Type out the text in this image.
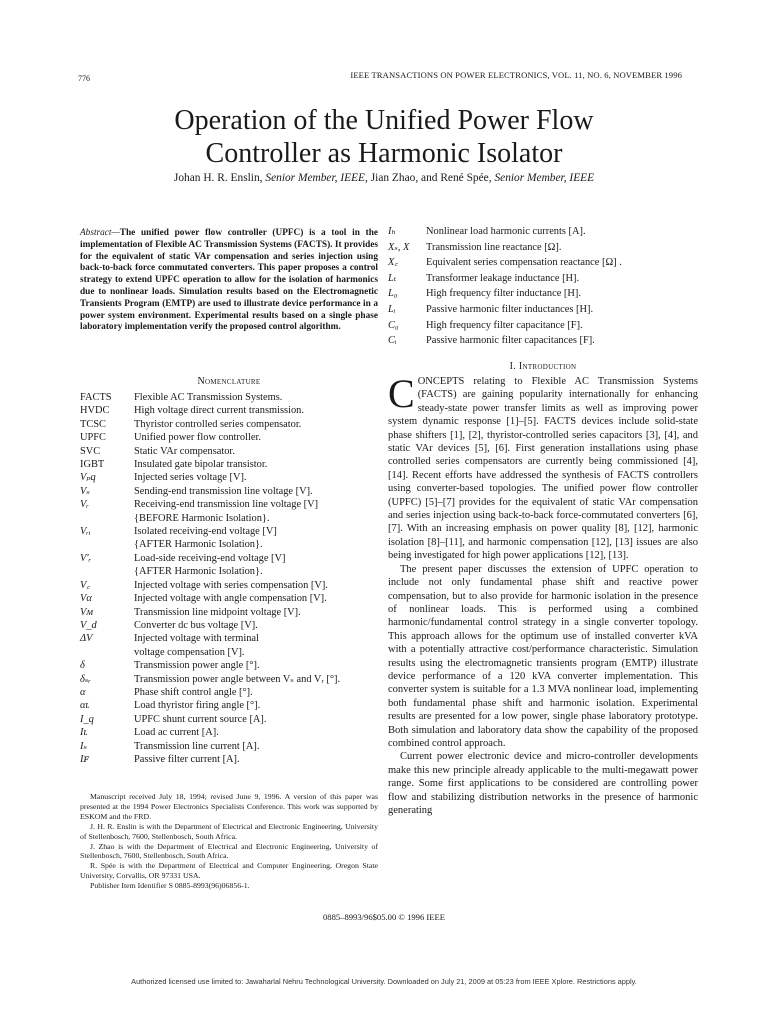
776	IEEE TRANSACTIONS ON POWER ELECTRONICS, VOL. 11, NO. 6, NOVEMBER 1996
Operation of the Unified Power Flow
Controller as Harmonic Isolator
Johan H. R. Enslin, Senior Member, IEEE, Jian Zhao, and René Spée, Senior Member, IEEE
Abstract—The unified power flow controller (UPFC) is a tool in the implementation of Flexible AC Transmission Systems (FACTS). It provides for the equivalent of static VAr compensation and series injection using back-to-back force commutated converters. This paper proposes a control strategy to extend UPFC operation to allow for the isolation of harmonics due to nonlinear loads. Simulation results based on the Electromagnetic Transients Program (EMTP) are used to illustrate device performance in a power system environment. Experimental results based on a single phase laboratory implementation verify the proposed control algorithm.
Iₕ	Nonlinear load harmonic currents [A].
Xₛ, X	Transmission line reactance [Ω].
X꜀	Equivalent series compensation reactance [Ω] .
Lₜ	Transformer leakage inductance [H].
L₀	High frequency filter inductance [H].
Lᵢ	Passive harmonic filter inductances [H].
C₀	High frequency filter capacitance [F].
Cᵢ	Passive harmonic filter capacitances [F].
Nomenclature
FACTS	Flexible AC Transmission Systems.
HVDC	High voltage direct current transmission.
TCSC	Thyristor controlled series compensator.
UPFC	Unified power flow controller.
SVC	Static VAr compensator.
IGBT	Insulated gate bipolar transistor.
Vₚq	Injected series voltage [V].
Vₛ	Sending-end transmission line voltage [V].
Vᵣ	Receiving-end transmission line voltage [V]
{BEFORE Harmonic Isolation}.
Vᵣᵢ	Isolated receiving-end voltage [V]
{AFTER Harmonic Isolation}.
V′ᵣ	Load-side receiving-end voltage [V]
{AFTER Harmonic Isolation}.
V꜀	Injected voltage with series compensation [V].
Vα	Injected voltage with angle compensation [V].
Vᴍ	Transmission line midpoint voltage [V].
V_d	Converter dc bus voltage [V].
ΔV	Injected voltage with terminal
voltage compensation [V].
δ	Transmission power angle [°].
δₛᵣ	Transmission power angle between Vₛ and Vᵣ [°].
α	Phase shift control angle [°].
αʟ	Load thyristor firing angle [°].
I_q	UPFC shunt current source [A].
Iʟ	Load ac current [A].
Iₛ	Transmission line current [A].
Iꜰ	Passive filter current [A].

Manuscript received July 18, 1994; revised June 9, 1996. A version of this paper was presented at the 1994 Power Electronics Specialists Conference. This work was supported by ESKOM and the FRD.

J. H. R. Enslin is with the Department of Electrical and Electronic Engineering, University of Stellenbosch, 7600, Stellenbosch, South Africa.

J. Zhao is with the Department of Electrical and Electronic Engineering, University of Stellenbosch, 7600, Stellenbosch, South Africa.

R. Spée is with the Department of Electrical and Computer Engineering, Oregon State University, Corvallis, OR 97331 USA.

Publisher Item Identifier S 0885-8993(96)06856-1.

I. Introduction

CONCEPTS relating to Flexible AC Transmission Systems (FACTS) are gaining popularity internationally for enhancing steady-state power transfer limits as well as improving power system dynamic response [1]–[5]. FACTS devices include solid-state phase shifters [1], [2], thyristor-controlled series capacitors [3], [4], and static VAr devices [5], [6]. First generation installations using phase controlled series compensators are currently being commissioned [4], [14]. Recent efforts have addressed the synthesis of FACTS controllers using converter-based topologies. The unified power flow controller (UPFC) [5]–[7] provides for the equivalent of static VAr compensation and series injection using back-to-back force-commutated converters [6], [7]. With an increasing emphasis on power quality [8], [12], harmonic isolation [8]–[11], and harmonic compensation [12], [13] issues are also being investigated for high power applications [12], [13].

The present paper discusses the extension of UPFC operation to include not only fundamental phase shift and reactive power compensation, but to also provide for harmonic isolation in the presence of nonlinear loads. This is performed using a combined harmonic/fundamental control strategy in a single converter topology. This approach allows for the optimum use of installed converter kVA with a potentially attractive cost/performance characteristic. Simulation results using the electromagnetic transients program (EMTP) illustrate device performance of a 120 kVA converter implementation. This converter system is suitable for a 1.3 MVA nonlinear load, implementing both fundamental phase shift and harmonic isolation. Experimental results are presented for a low power, single phase laboratory prototype. Both simulation and laboratory data show the capability of the proposed combined control approach.

Current power electronic device and micro-controller developments make this new principle already applicable to the multi-megawatt power range. Some first applications to be considered are controlling power flow and stabilizing distribution networks in the presence of harmonic generating

0885–8993/96$05.00 © 1996 IEEE
Authorized licensed use limited to: Jawaharlal Nehru Technological University. Downloaded on July 21, 2009 at 05:23 from IEEE Xplore. Restrictions apply.
